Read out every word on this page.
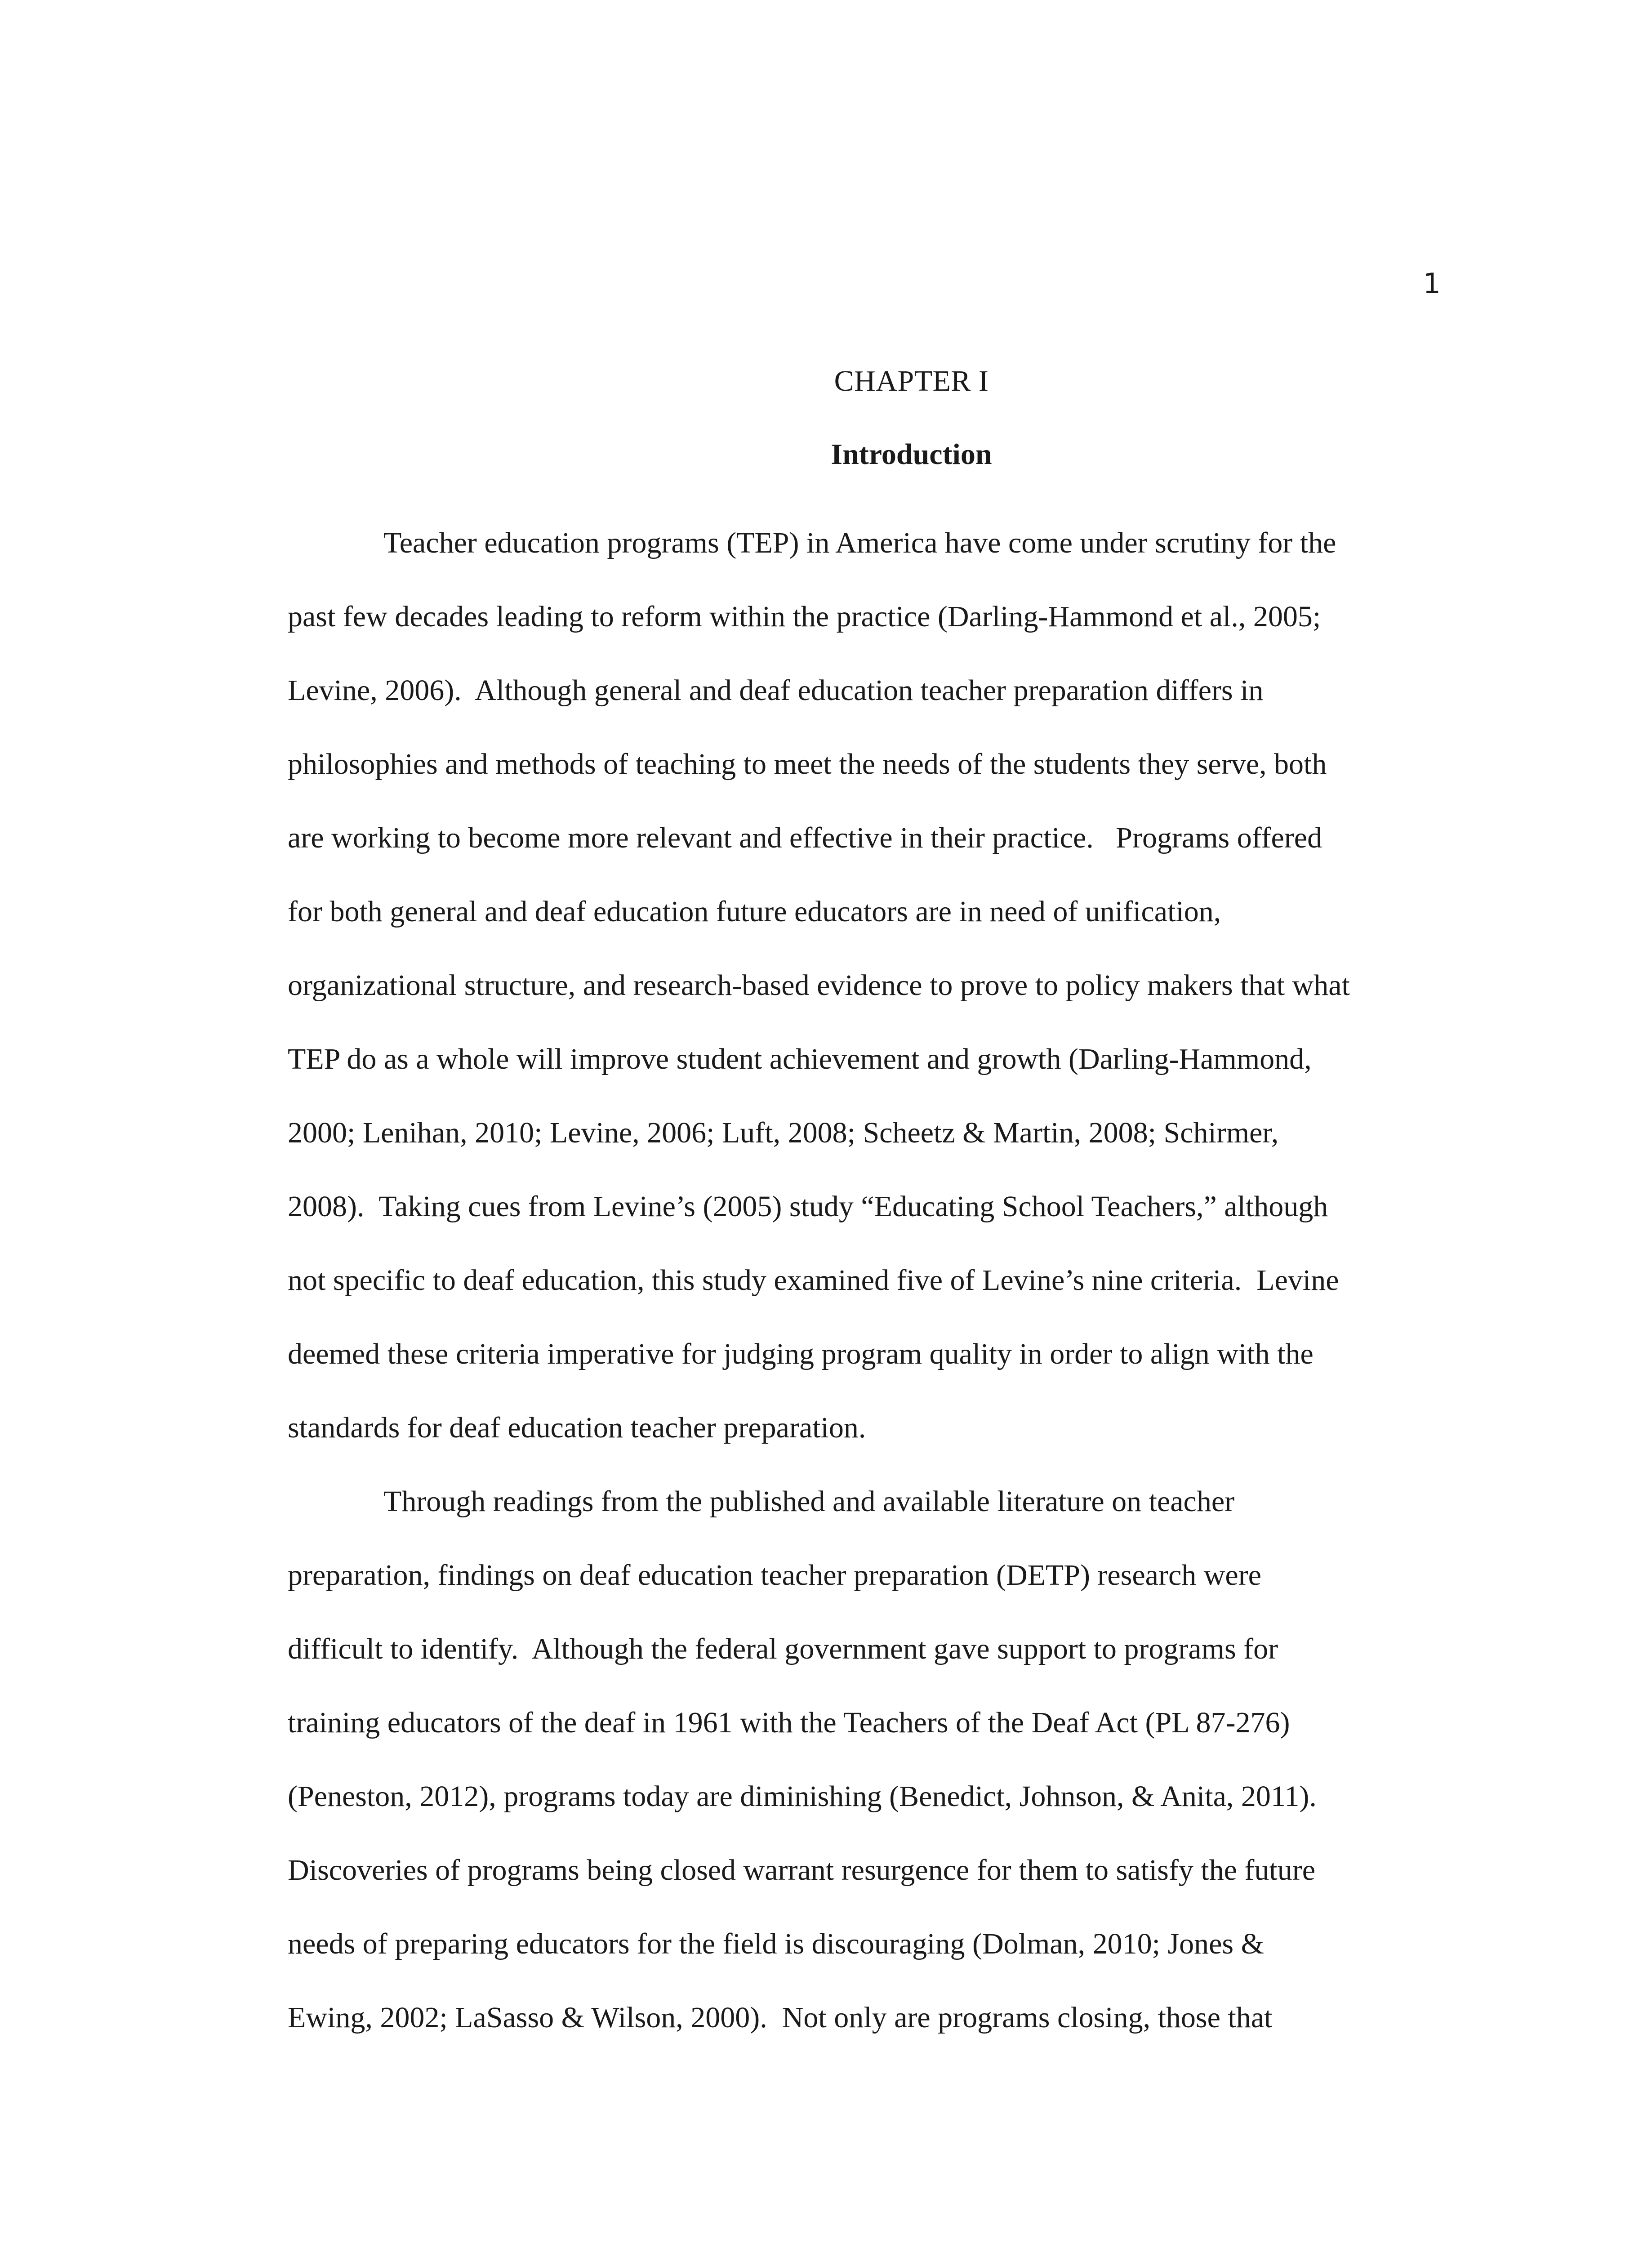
1
CHAPTER I
Introduction
Teacher education programs (TEP) in America have come under scrutiny for the
past few decades leading to reform within the practice (Darling-Hammond et al., 2005;
Levine, 2006).  Although general and deaf education teacher preparation differs in
philosophies and methods of teaching to meet the needs of the students they serve, both
are working to become more relevant and effective in their practice.   Programs offered
for both general and deaf education future educators are in need of unification,
organizational structure, and research-based evidence to prove to policy makers that what
TEP do as a whole will improve student achievement and growth (Darling-Hammond,
2000; Lenihan, 2010; Levine, 2006; Luft, 2008; Scheetz & Martin, 2008; Schirmer,
2008).  Taking cues from Levine’s (2005) study “Educating School Teachers,” although
not specific to deaf education, this study examined five of Levine’s nine criteria.  Levine
deemed these criteria imperative for judging program quality in order to align with the
standards for deaf education teacher preparation.
Through readings from the published and available literature on teacher
preparation, findings on deaf education teacher preparation (DETP) research were
difficult to identify.  Although the federal government gave support to programs for
training educators of the deaf in 1961 with the Teachers of the Deaf Act (PL 87-276)
(Peneston, 2012), programs today are diminishing (Benedict, Johnson, & Anita, 2011).
Discoveries of programs being closed warrant resurgence for them to satisfy the future
needs of preparing educators for the field is discouraging (Dolman, 2010; Jones &
Ewing, 2002; LaSasso & Wilson, 2000).  Not only are programs closing, those that
